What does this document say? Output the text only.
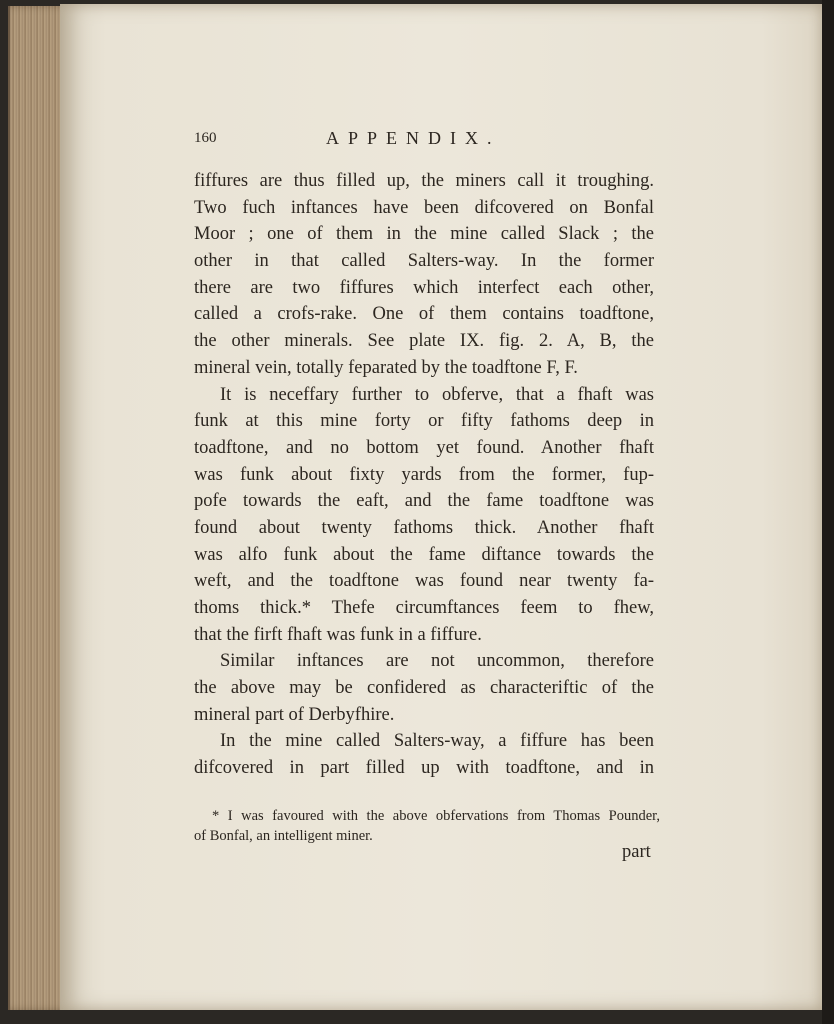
160	APPENDIX.
fiffures are thus filled up, the miners call it troughing.
Two fuch inftances have been difcovered on Bonfal
Moor ; one of them in the mine called Slack ; the
other in that called Salters-way. In the former
there are two fiffures which interfect each other,
called a crofs-rake. One of them contains toadftone,
the other minerals. See plate IX. fig. 2. A, B, the
mineral vein, totally feparated by the toadftone F, F.
It is neceffary further to obferve, that a fhaft was
funk at this mine forty or fifty fathoms deep in
toadftone, and no bottom yet found. Another fhaft
was funk about fixty yards from the former, fup-
pofe towards the eaft, and the fame toadftone was
found about twenty fathoms thick. Another fhaft
was alfo funk about the fame diftance towards the
weft, and the toadftone was found near twenty fa-
thoms thick.* Thefe circumftances feem to fhew,
that the firft fhaft was funk in a fiffure.
Similar inftances are not uncommon, therefore
the above may be confidered as characteriftic of the
mineral part of Derbyfhire.
In the mine called Salters-way, a fiffure has been
difcovered in part filled up with toadftone, and in
* I was favoured with the above obfervations from Thomas Pounder,
of Bonfal, an intelligent miner.
part
